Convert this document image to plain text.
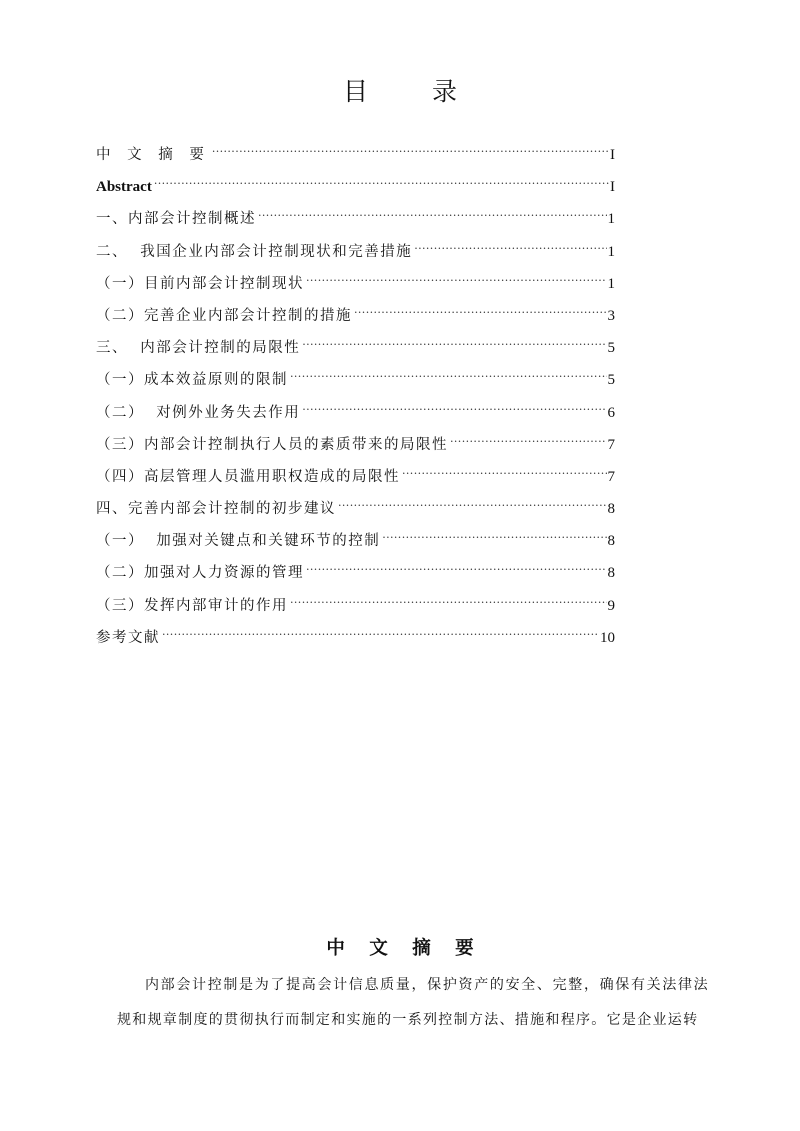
目 录
中 文 摘 要 .....	I
Abstract .....	I
一、内部会计控制概述 .....	1
二、  我国企业内部会计控制现状和完善措施 .....	1
（一）目前内部会计控制现状 .....	1
（二）完善企业内部会计控制的措施 .....	3
三、  内部会计控制的局限性 .....	5
（一）成本效益原则的限制 .....	5
（二）  对例外业务失去作用 .....	6
（三）内部会计控制执行人员的素质带来的局限性 .....	7
（四）高层管理人员滥用职权造成的局限性 .....	7
四、完善内部会计控制的初步建议 .....	8
（一）  加强对关键点和关键环节的控制 .....	8
（二）加强对人力资源的管理 .....	8
（三）发挥内部审计的作用 .....	9
参考文献 .....	10
中 文 摘 要

内部会计控制是为了提高会计信息质量，保护资产的安全、完整，确保有关法律法规和规章制度的贯彻执行而制定和实施的一系列控制方法、措施和程序。它是企业运转
